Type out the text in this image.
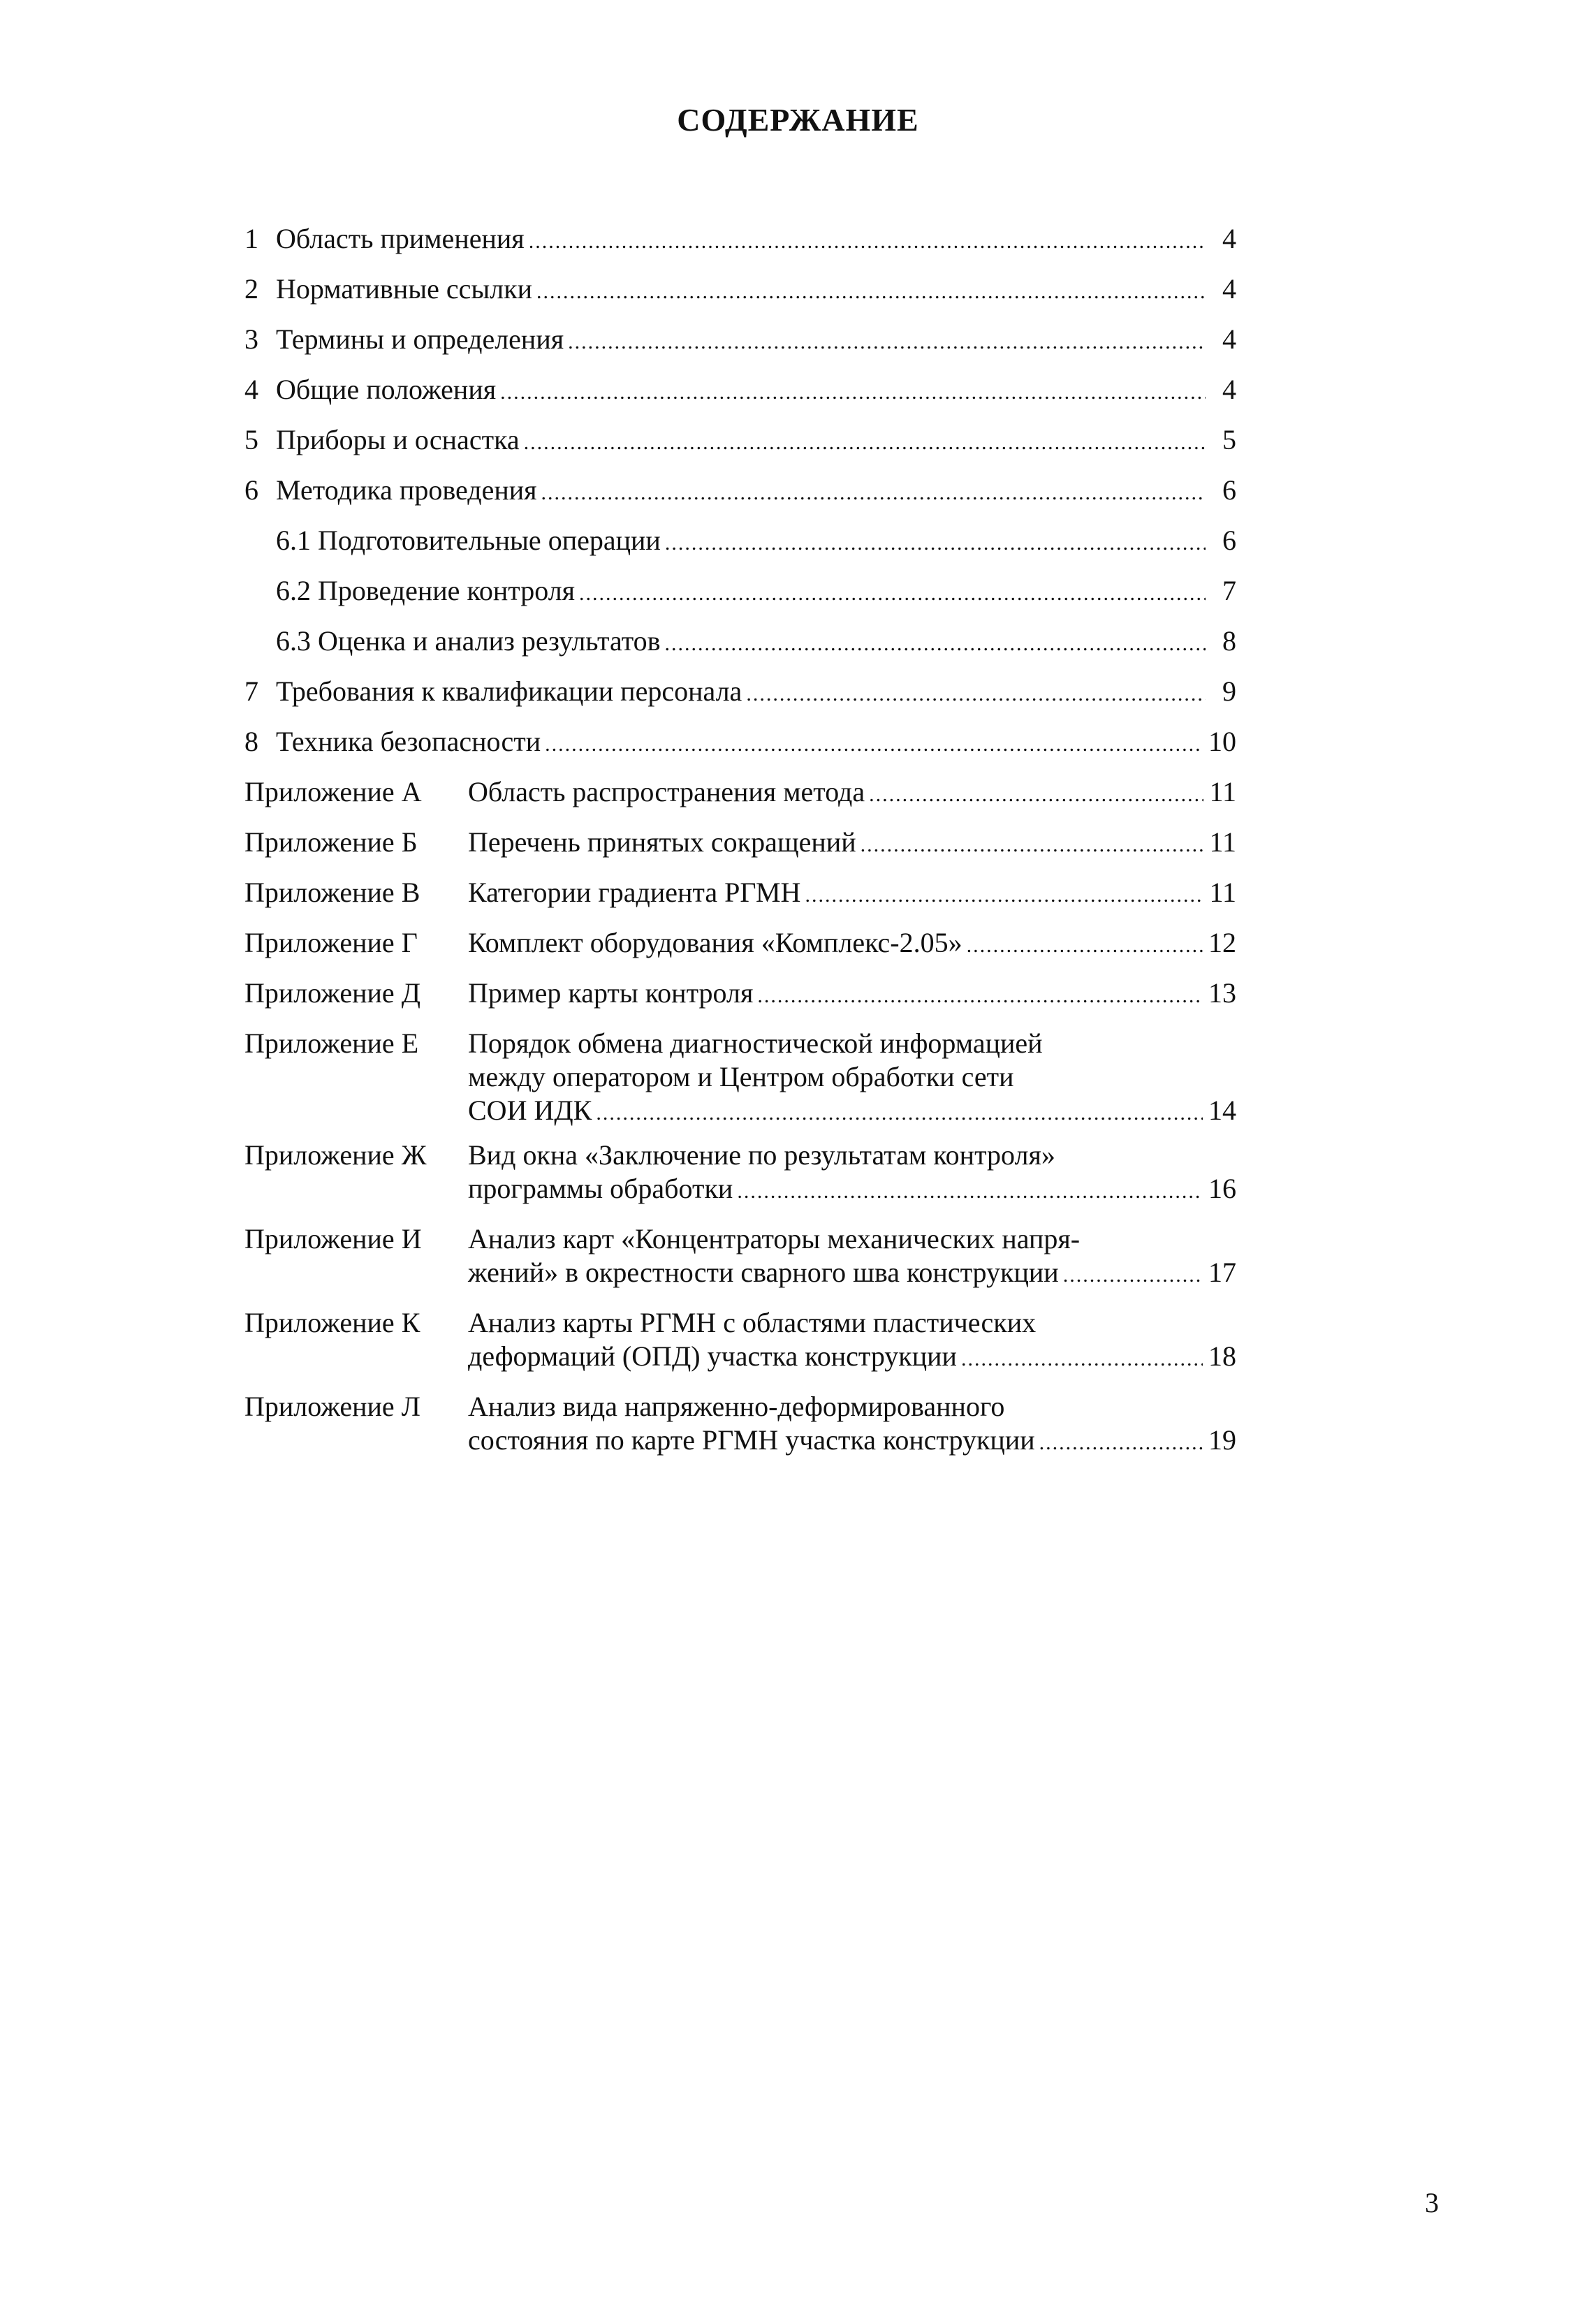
СОДЕРЖАНИЕ
1 Область применения .....	4
2 Нормативные ссылки .....	4
3 Термины и определения .....	4
4 Общие положения .....	4
5 Приборы и оснастка .....	5
6 Методика проведения .....	6
6.1 Подготовительные операции .....	6
6.2 Проведение контроля .....	7
6.3 Оценка и анализ результатов .....	8
7 Требования к квалификации персонала .....	9
8 Техника безопасности .....	10
Приложение А Область распространения метода .....	11
Приложение Б Перечень принятых сокращений .....	11
Приложение В Категории градиента РГМН .....	11
Приложение Г Комплект оборудования «Комплекс-2.05» .....	12
Приложение Д Пример карты контроля .....	13
Приложение Е Порядок обмена диагностической информацией
между оператором и Центром обработки сети
СОИ ИДК .....	14
Приложение Ж Вид окна «Заключение по результатам контроля»
программы обработки .....	16
Приложение И Анализ карт «Концентраторы механических напря-
жений» в окрестности сварного шва конструкции .....	17
Приложение К Анализ карты РГМН с областями пластических
деформаций (ОПД) участка конструкции .....	18
Приложение Л Анализ вида напряженно-деформированного
состояния по карте РГМН участка конструкции .....	19
3
